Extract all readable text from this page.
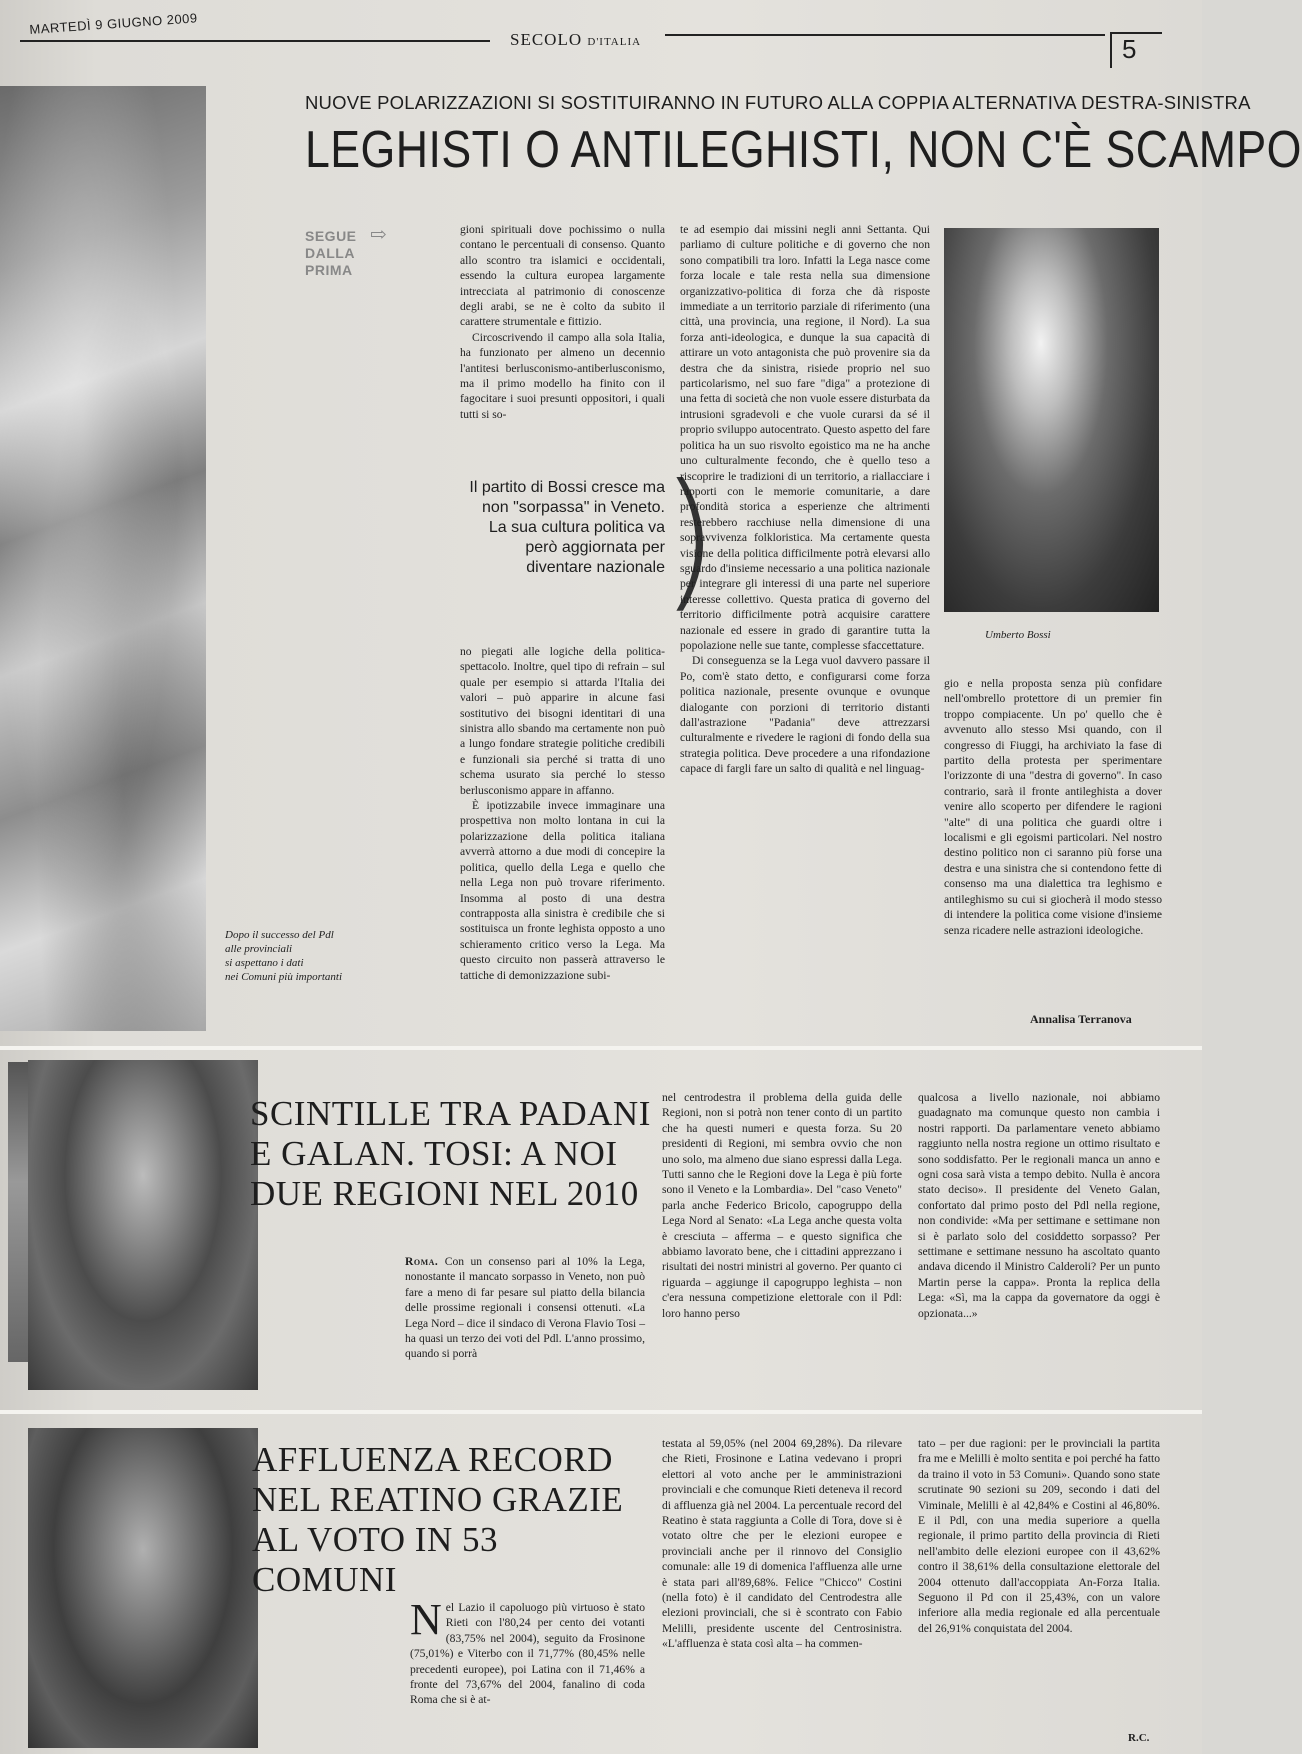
MARTEDÌ 9 GIUGNO 2009
SECOLO D'ITALIA	5
Dopo il successo del Pdl
alle provinciali
si aspettano i dati
nei Comuni più importanti
NUOVE POLARIZZAZIONI SI SOSTITUIRANNO IN FUTURO ALLA COPPIA ALTERNATIVA DESTRA-SINISTRA
LEGHISTI O ANTILEGHISTI, NON C'È SCAMPO
SEGUE
DALLA
PRIMA
⇨	gioni spirituali dove pochissimo o nulla contano le percentuali di consenso. Quanto allo scontro tra islamici e occidentali, essendo la cultura europea largamente intrecciata al patrimonio di conoscenze degli arabi, se ne è colto da subito il carattere strumentale e fittizio.

Circoscrivendo il campo alla sola Italia, ha funzionato per almeno un decennio l'antitesi berlusconismo-antiberlusconismo, ma il primo modello ha finito con il fagocitare i suoi presunti oppositori, i quali tutti si so-

Il partito di Bossi cresce ma non "sorpassa" in Veneto. La sua cultura politica va però aggiornata per diventare nazionale
)

no piegati alle logiche della politica-spettacolo. Inoltre, quel tipo di refrain – sul quale per esempio si attarda l'Italia dei valori – può apparire in alcune fasi sostitutivo dei bisogni identitari di una sinistra allo sbando ma certamente non può a lungo fondare strategie politiche credibili e funzionali sia perché si tratta di uno schema usurato sia perché lo stesso berlusconismo appare in affanno.

È ipotizzabile invece immaginare una prospettiva non molto lontana in cui la polarizzazione della politica italiana avverrà attorno a due modi di concepire la politica, quello della Lega e quello che nella Lega non può trovare riferimento. Insomma al posto di una destra contrapposta alla sinistra è credibile che si sostituisca un fronte leghista opposto a uno schieramento critico verso la Lega. Ma questo circuito non passerà attraverso le tattiche di demonizzazione subi-

te ad esempio dai missini negli anni Settanta. Qui parliamo di culture politiche e di governo che non sono compatibili tra loro. Infatti la Lega nasce come forza locale e tale resta nella sua dimensione organizzativo-politica di forza che dà risposte immediate a un territorio parziale di riferimento (una città, una provincia, una regione, il Nord). La sua forza anti-ideologica, e dunque la sua capacità di attirare un voto antagonista che può provenire sia da destra che da sinistra, risiede proprio nel suo particolarismo, nel suo fare "diga" a protezione di una fetta di società che non vuole essere disturbata da intrusioni sgradevoli e che vuole curarsi da sé il proprio sviluppo autocentrato. Questo aspetto del fare politica ha un suo risvolto egoistico ma ne ha anche uno culturalmente fecondo, che è quello teso a riscoprire le tradizioni di un territorio, a riallacciare i rapporti con le memorie comunitarie, a dare profondità storica a esperienze che altrimenti resterebbero racchiuse nella dimensione di una sopravvivenza folkloristica. Ma certamente questa visione della politica difficilmente potrà elevarsi allo sguardo d'insieme necessario a una politica nazionale per integrare gli interessi di una parte nel superiore interesse collettivo. Questa pratica di governo del territorio difficilmente potrà acquisire carattere nazionale ed essere in grado di garantire tutta la popolazione nelle sue tante, complesse sfaccettature.

Di conseguenza se la Lega vuol davvero passare il Po, com'è stato detto, e configurarsi come forza politica nazionale, presente ovunque e ovunque dialogante con porzioni di territorio distanti dall'astrazione "Padania" deve attrezzarsi culturalmente e rivedere le ragioni di fondo della sua strategia politica. Deve procedere a una rifondazione capace di fargli fare un salto di qualità e nel linguag-

Umberto Bossi

gio e nella proposta senza più confidare nell'ombrello protettore di un premier fin troppo compiacente. Un po' quello che è avvenuto allo stesso Msi quando, con il congresso di Fiuggi, ha archiviato la fase di partito della protesta per sperimentare l'orizzonte di una "destra di governo". In caso contrario, sarà il fronte antileghista a dover venire allo scoperto per difendere le ragioni "alte" di una politica che guardi oltre i localismi e gli egoismi particolari. Nel nostro destino politico non ci saranno più forse una destra e una sinistra che si contendono fette di consenso ma una dialettica tra leghismo e antileghismo su cui si giocherà il modo stesso di intendere la politica come visione d'insieme senza ricadere nelle astrazioni ideologiche.

Annalisa Terranova
SCINTILLE TRA PADANI
E GALAN. TOSI: A NOI
DUE REGIONI NEL 2010

Roma. Con un consenso pari al 10% la Lega, nonostante il mancato sorpasso in Veneto, non può fare a meno di far pesare sul piatto della bilancia delle prossime regionali i consensi ottenuti. «La Lega Nord – dice il sindaco di Verona Flavio Tosi – ha quasi un terzo dei voti del Pdl. L'anno prossimo, quando si porrà

nel centrodestra il problema della guida delle Regioni, non si potrà non tener conto di un partito che ha questi numeri e questa forza. Su 20 presidenti di Regioni, mi sembra ovvio che non uno solo, ma almeno due siano espressi dalla Lega. Tutti sanno che le Regioni dove la Lega è più forte sono il Veneto e la Lombardia». Del "caso Veneto" parla anche Federico Bricolo, capogruppo della Lega Nord al Senato: «La Lega anche questa volta è cresciuta – afferma – e questo significa che abbiamo lavorato bene, che i cittadini apprezzano i risultati dei nostri ministri al governo. Per quanto ci riguarda – aggiunge il capogruppo leghista – non c'era nessuna competizione elettorale con il Pdl: loro hanno perso

qualcosa a livello nazionale, noi abbiamo guadagnato ma comunque questo non cambia i nostri rapporti. Da parlamentare veneto abbiamo raggiunto nella nostra regione un ottimo risultato e sono soddisfatto. Per le regionali manca un anno e ogni cosa sarà vista a tempo debito. Nulla è ancora stato deciso». Il presidente del Veneto Galan, confortato dal primo posto del Pdl nella regione, non condivide: «Ma per settimane e settimane non si è parlato solo del cosiddetto sorpasso? Per settimane e settimane nessuno ha ascoltato quanto andava dicendo il Ministro Calderoli? Per un punto Martin perse la cappa». Pronta la replica della Lega: «Sì, ma la cappa da governatore da oggi è opzionata...»

AFFLUENZA RECORD
NEL REATINO GRAZIE
AL VOTO IN 53 COMUNI

Nel Lazio il capoluogo più virtuoso è stato Rieti con l'80,24 per cento dei votanti (83,75% nel 2004), seguito da Frosinone (75,01%) e Viterbo con il 71,77% (80,45% nelle precedenti europee), poi Latina con il 71,46% a fronte del 73,67% del 2004, fanalino di coda Roma che si è at-

testata al 59,05% (nel 2004 69,28%). Da rilevare che Rieti, Frosinone e Latina vedevano i propri elettori al voto anche per le amministrazioni provinciali e che comunque Rieti deteneva il record di affluenza già nel 2004. La percentuale record del Reatino è stata raggiunta a Colle di Tora, dove si è votato oltre che per le elezioni europee e provinciali anche per il rinnovo del Consiglio comunale: alle 19 di domenica l'affluenza alle urne è stata pari all'89,68%. Felice "Chicco" Costini (nella foto) è il candidato del Centrodestra alle elezioni provinciali, che si è scontrato con Fabio Melilli, presidente uscente del Centrosinistra. «L'affluenza è stata così alta – ha commen-

tato – per due ragioni: per le provinciali la partita fra me e Melilli è molto sentita e poi perché ha fatto da traino il voto in 53 Comuni». Quando sono state scrutinate 90 sezioni su 209, secondo i dati del Viminale, Melilli è al 42,84% e Costini al 46,80%. E il Pdl, con una media superiore a quella regionale, il primo partito della provincia di Rieti nell'ambito delle elezioni europee con il 43,62% contro il 38,61% della consultazione elettorale del 2004 ottenuto dall'accoppiata An-Forza Italia. Seguono il Pd con il 25,43%, con un valore inferiore alla media regionale ed alla percentuale del 26,91% conquistata del 2004.

R.C.
